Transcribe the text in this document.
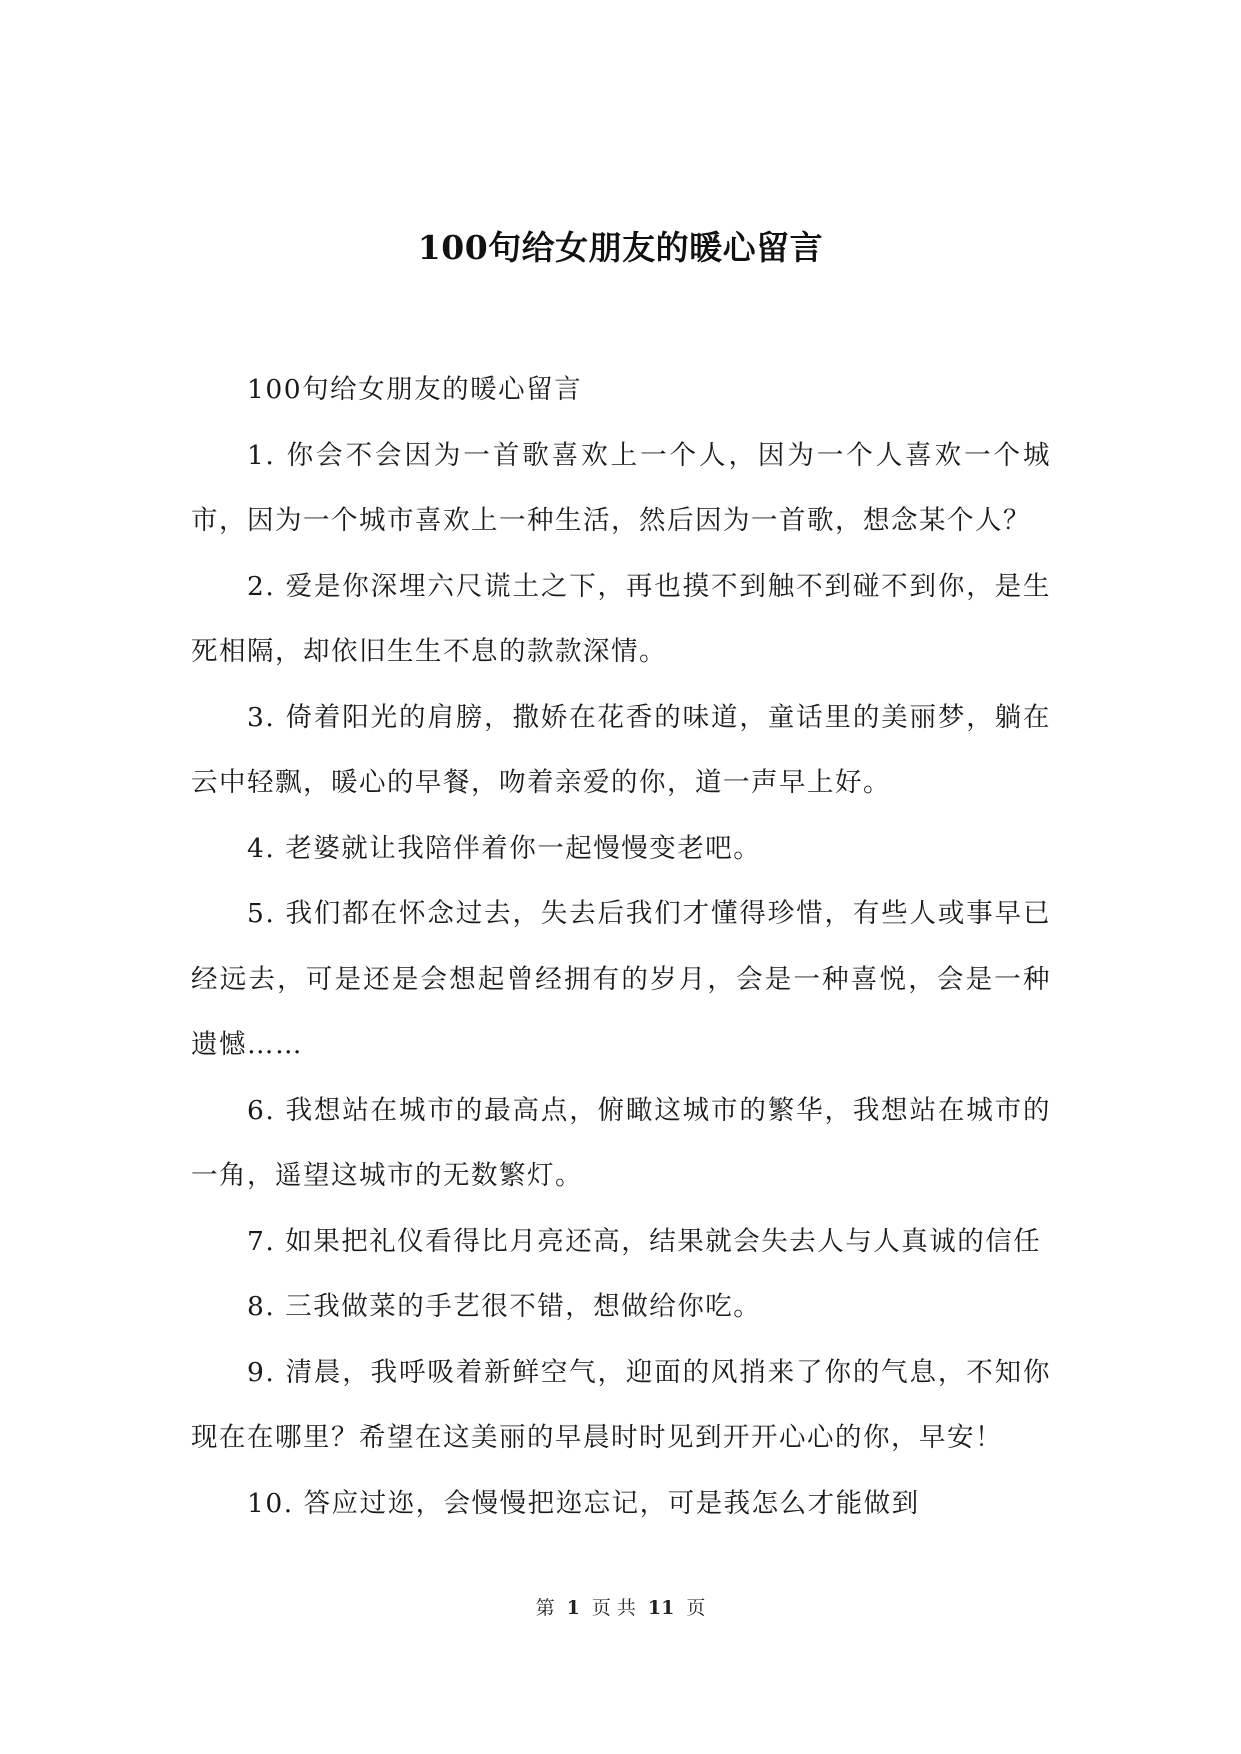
100句给女朋友的暖心留言

100句给女朋友的暖心留言

1. 你会不会因为一首歌喜欢上一个人，因为一个人喜欢一个城市，因为一个城市喜欢上一种生活，然后因为一首歌，想念某个人？

2. 爱是你深埋六尺谎土之下，再也摸不到触不到碰不到你，是生死相隔，却依旧生生不息的款款深情。

3. 倚着阳光的肩膀，撒娇在花香的味道，童话里的美丽梦，躺在云中轻飘，暖心的早餐，吻着亲爱的你，道一声早上好。

4. 老婆就让我陪伴着你一起慢慢变老吧。

5. 我们都在怀念过去，失去后我们才懂得珍惜，有些人或事早已经远去，可是还是会想起曾经拥有的岁月，会是一种喜悦，会是一种遗憾……

6. 我想站在城市的最高点，俯瞰这城市的繁华，我想站在城市的一角，遥望这城市的无数繁灯。

7. 如果把礼仪看得比月亮还高，结果就会失去人与人真诚的信任

8. 三我做菜的手艺很不错，想做给你吃。

9. 清晨，我呼吸着新鲜空气，迎面的风捎来了你的气息，不知你现在在哪里？希望在这美丽的早晨时时见到开开心心的你，早安！

10. 答应过迩，会慢慢把迩忘记，可是莪怎么才能做到

第 1 页 共 11 页
